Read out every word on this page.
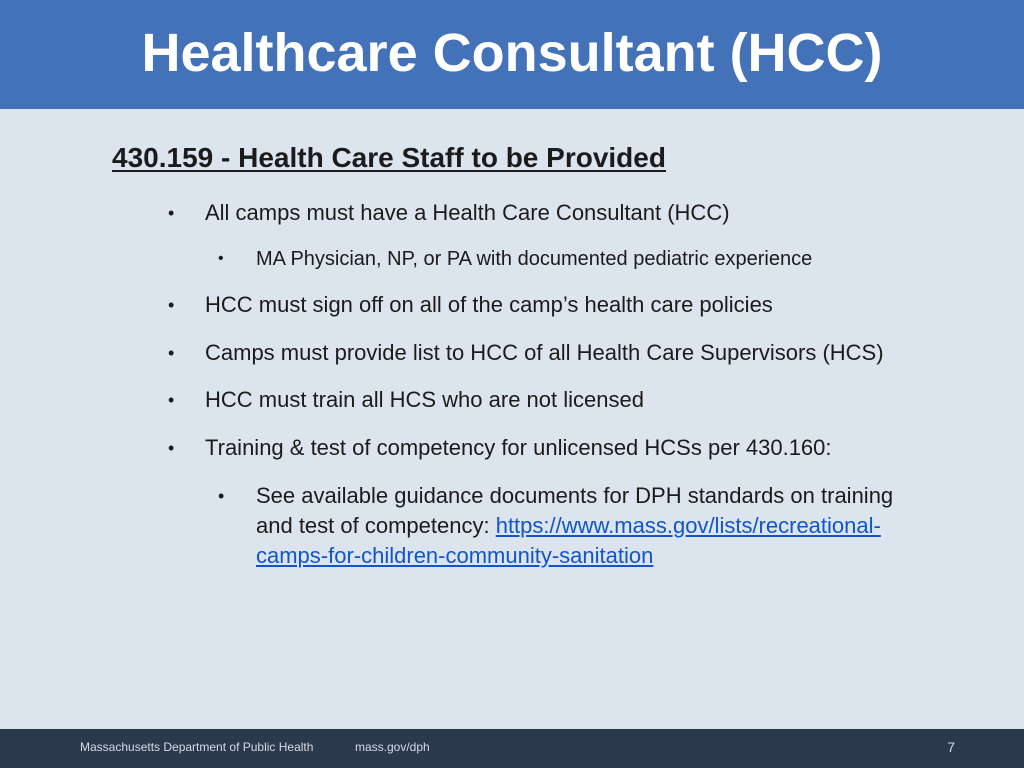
Healthcare Consultant (HCC)
430.159 - Health Care Staff to be Provided
• All camps must have a Health Care Consultant (HCC)
• MA Physician, NP, or PA with documented pediatric experience
• HCC must sign off on all of the camp’s health care policies
• Camps must provide list to HCC of all Health Care Supervisors (HCS)
• HCC must train all HCS who are not licensed
• Training & test of competency for unlicensed HCSs per 430.160:
• See available guidance documents for DPH standards on training and test of competency: https://www.mass.gov/lists/recreational-camps-for-children-community-sanitation
Massachusetts Department of Public Health	mass.gov/dph	7
